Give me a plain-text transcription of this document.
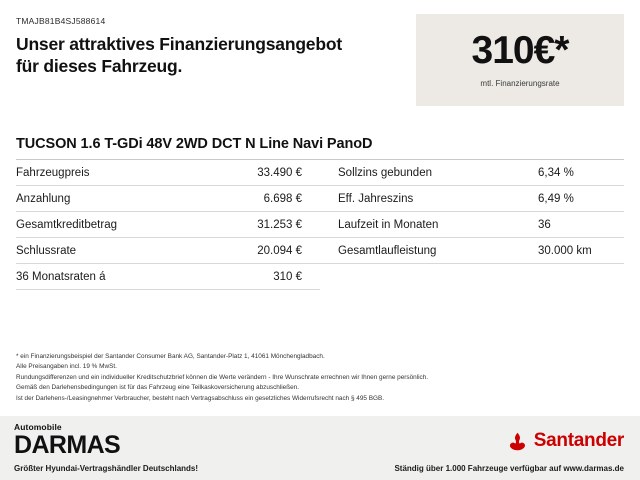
TMAJB81B4SJ588614
Unser attraktives Finanzierungsangebot
für dieses Fahrzeug.	310€*
mtl. Finanzierungsrate
TUCSON 1.6 T-GDi 48V 2WD DCT N Line Navi PanoD
Fahrzeugpreis	33.490 €	Sollzins gebunden	6,34 %
Anzahlung	6.698 €	Eff. Jahreszins	6,49 %
Gesamtkreditbetrag	31.253 €	Laufzeit in Monaten	36
Schlussrate	20.094 €	Gesamtlaufleistung	30.000 km
36 Monatsraten á	310 €

* ein Finanzierungsbeispiel der Santander Consumer Bank AG, Santander-Platz 1, 41061 Mönchengladbach.

Alle Preisangaben incl. 19 % MwSt.

Rundungsdifferenzen und ein individueller Kreditschutzbrief können die Werte verändern - Ihre Wunschrate errechnen wir Ihnen gerne persönlich.

Gemäß den Darlehensbedingungen ist für das Fahrzeug eine Teilkaskoversicherung abzuschließen.

Ist der Darlehens-/Leasingnehmer Verbraucher, besteht nach Vertragsabschluss ein gesetzliches Widerrufsrecht nach § 495 BGB.

Automobile
DARMAS
Größter Hyundai-Vertragshändler Deutschlands!
Santander
Ständig über 1.000 Fahrzeuge verfügbar auf www.darmas.de
